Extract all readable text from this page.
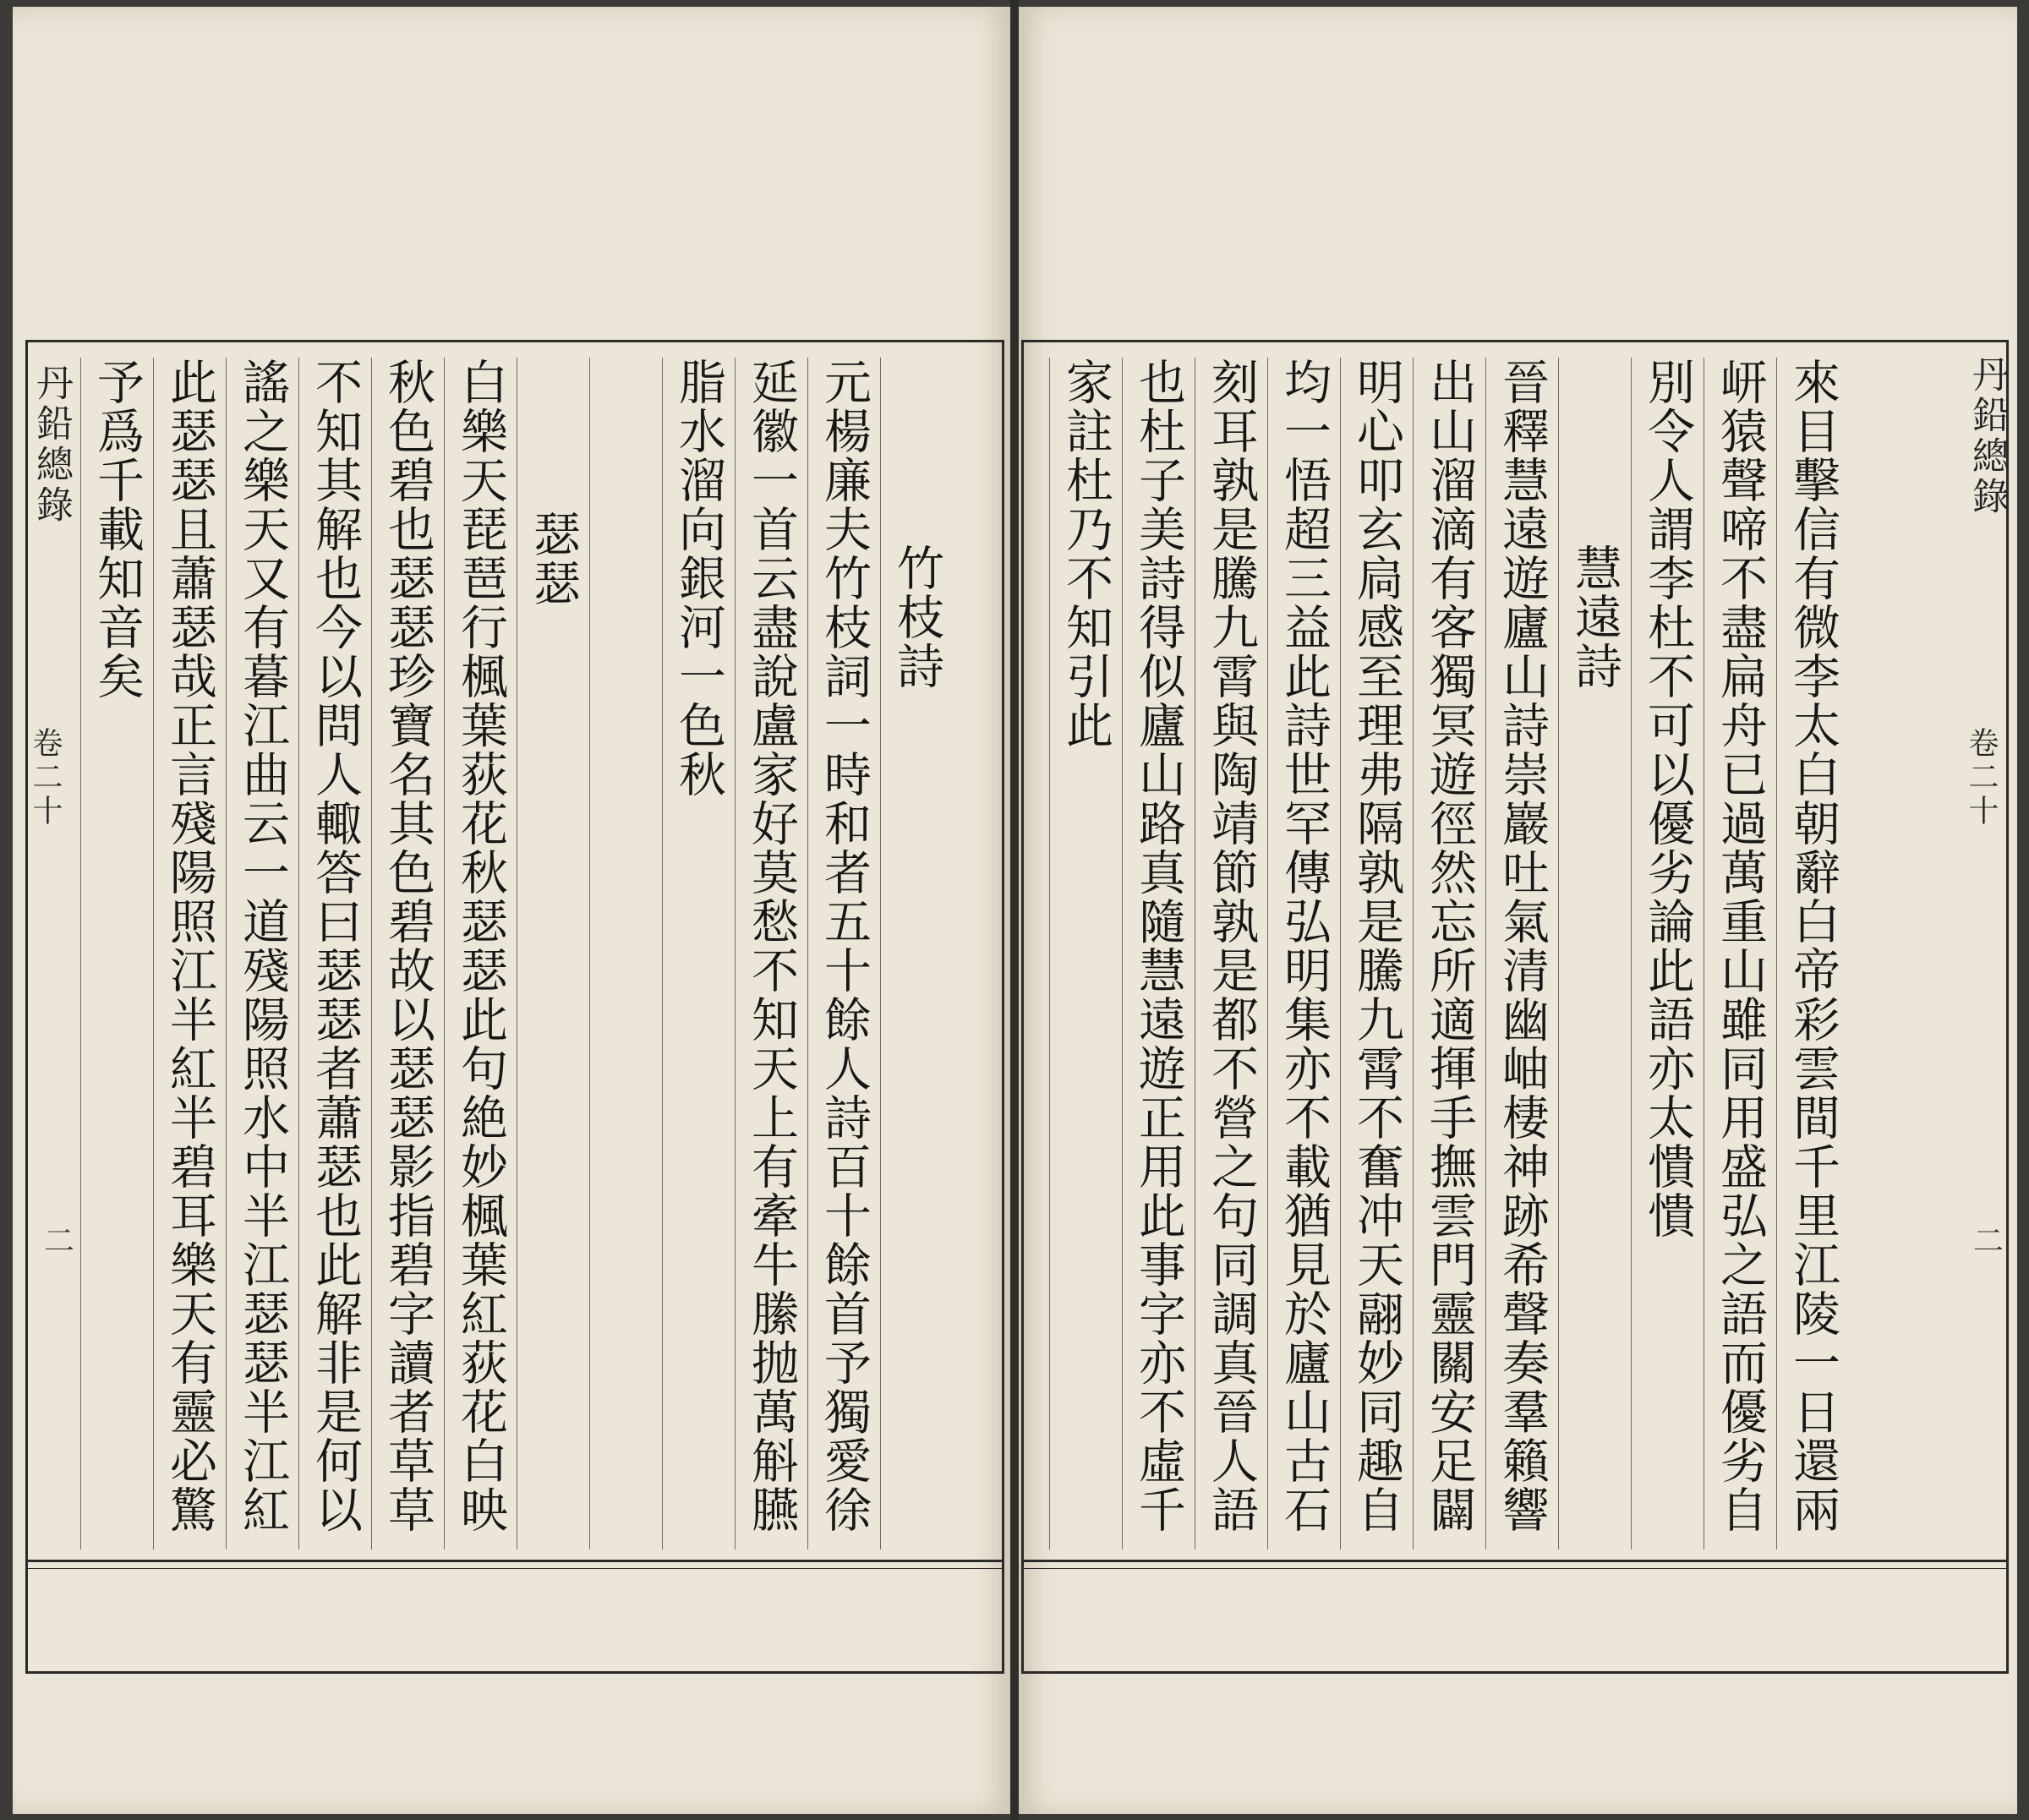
予爲千載知音矣 此瑟瑟且蕭瑟哉正言殘陽照江半紅半碧耳樂天有靈必驚 謠之樂天又有暮江曲云一道殘陽照水中半江瑟瑟半江紅 不知其解也今以問人輙答曰瑟瑟者蕭瑟也此解非是何以 秋色碧也瑟瑟珍寶名其色碧故以瑟瑟影指碧字讀者草草 白樂天琵琶行楓葉荻花秋瑟瑟此句絶妙楓葉紅荻花白映 瑟瑟 脂水溜向銀河一色秋 延徽一首云盡說盧家好莫愁不知天上有牽牛縢抛萬斛臙 元楊廉夫竹枝詞一時和者五十餘人詩百十餘首予獨愛徐 竹枝詩 家註杜乃不知引此 也杜子美詩得似廬山路真隨慧遠遊正用此事字亦不虛千 刻耳孰是騰九霄與陶靖節孰是都不營之句同調真晉人語 均一悟超三益此詩世罕傳弘明集亦不載猶見於廬山古石 明心叩玄扃感至理弗隔孰是騰九霄不奮冲天翮妙同趣自 出山溜滴有客獨冥遊徑然忘所適揮手撫雲門靈關安足闢 晉釋慧遠遊廬山詩崇巖吐氣清幽岫棲神跡希聲奏羣籟響 慧遠詩 別令人謂李杜不可以優劣論此語亦太憒憒 岍猿聲啼不盡扁舟已過萬重山雖同用盛弘之語而優劣自 來目擊信有微李太白朝辭白帝彩雲間千里江陵一日還兩
丹鉛總錄
卷二十
二
丹鉛總錄
卷二十
二
